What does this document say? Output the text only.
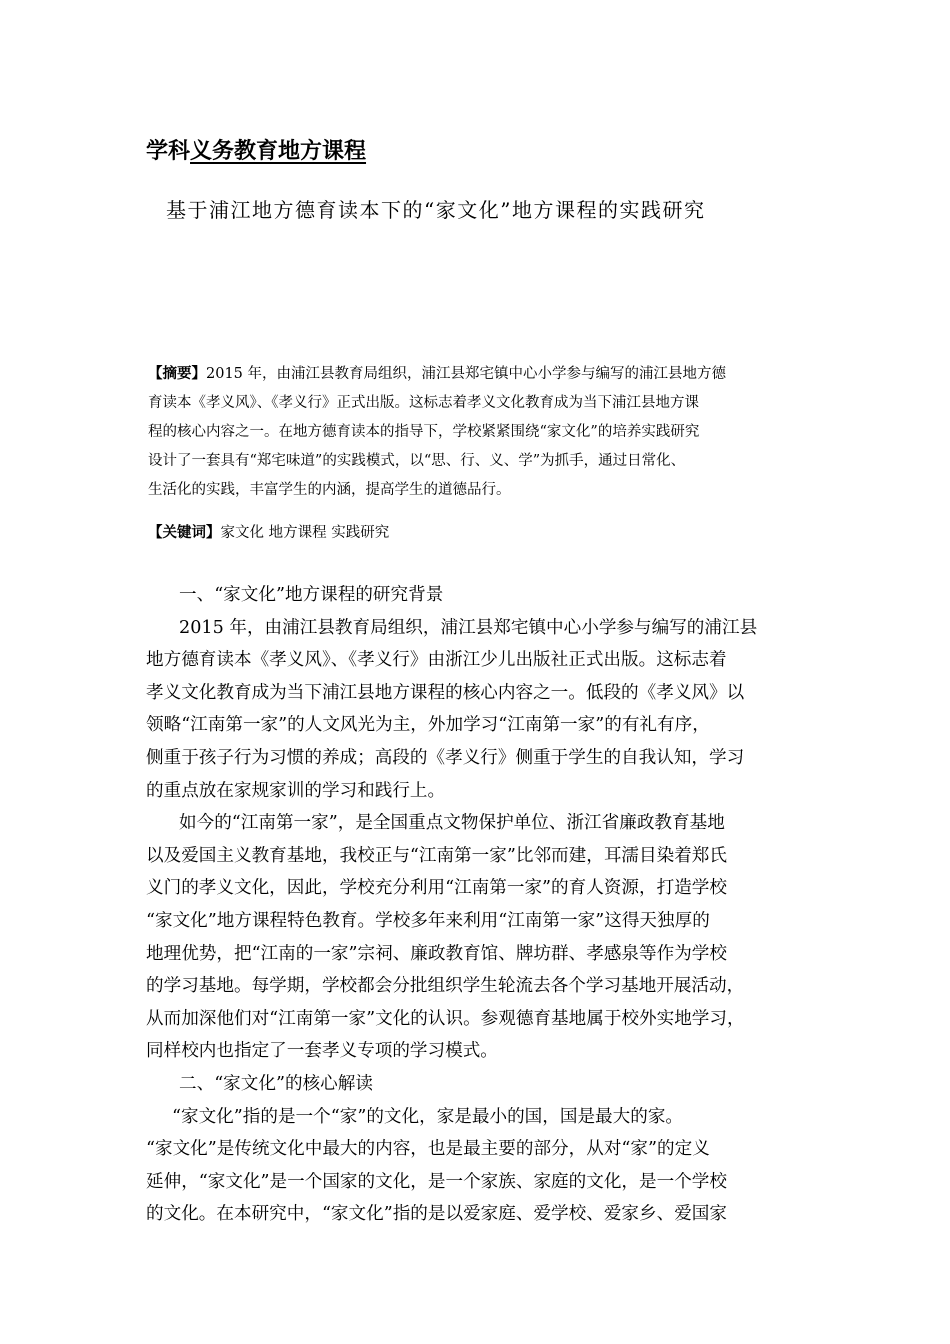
学科义务教育地方课程
基于浦江地方德育读本下的“家文化”地方课程的实践研究
【摘要】2015 年，由浦江县教育局组织，浦江县郑宅镇中心小学参与编写的浦江县地方德
育读本《孝义风》、《孝义行》正式出版。这标志着孝义文化教育成为当下浦江县地方课
程的核心内容之一。在地方德育读本的指导下，学校紧紧围绕“家文化”的培养实践研究
设计了一套具有“郑宅味道”的实践模式，以“思、行、义、学”为抓手，通过日常化、
生活化的实践，丰富学生的内涵，提高学生的道德品行。
【关键词】家文化 地方课程 实践研究
一、“家文化”地方课程的研究背景
2015 年，由浦江县教育局组织，浦江县郑宅镇中心小学参与编写的浦江县
地方德育读本《孝义风》、《孝义行》由浙江少儿出版社正式出版。这标志着
孝义文化教育成为当下浦江县地方课程的核心内容之一。低段的《孝义风》以
领略“江南第一家”的人文风光为主，外加学习“江南第一家”的有礼有序，
侧重于孩子行为习惯的养成；高段的《孝义行》侧重于学生的自我认知，学习
的重点放在家规家训的学习和践行上。
如今的“江南第一家”，是全国重点文物保护单位、浙江省廉政教育基地
以及爱国主义教育基地，我校正与“江南第一家”比邻而建，耳濡目染着郑氏
义门的孝义文化，因此，学校充分利用“江南第一家”的育人资源，打造学校
“家文化”地方课程特色教育。学校多年来利用“江南第一家”这得天独厚的
地理优势，把“江南的一家”宗祠、廉政教育馆、牌坊群、孝感泉等作为学校
的学习基地。每学期，学校都会分批组织学生轮流去各个学习基地开展活动，
从而加深他们对“江南第一家”文化的认识。参观德育基地属于校外实地学习，
同样校内也指定了一套孝义专项的学习模式。
二、“家文化”的核心解读
“家文化”指的是一个“家”的文化，家是最小的国，国是最大的家。
“家文化”是传统文化中最大的内容，也是最主要的部分，从对“家”的定义
延伸，“家文化”是一个国家的文化，是一个家族、家庭的文化，是一个学校
的文化。在本研究中，“家文化”指的是以爱家庭、爱学校、爱家乡、爱国家
